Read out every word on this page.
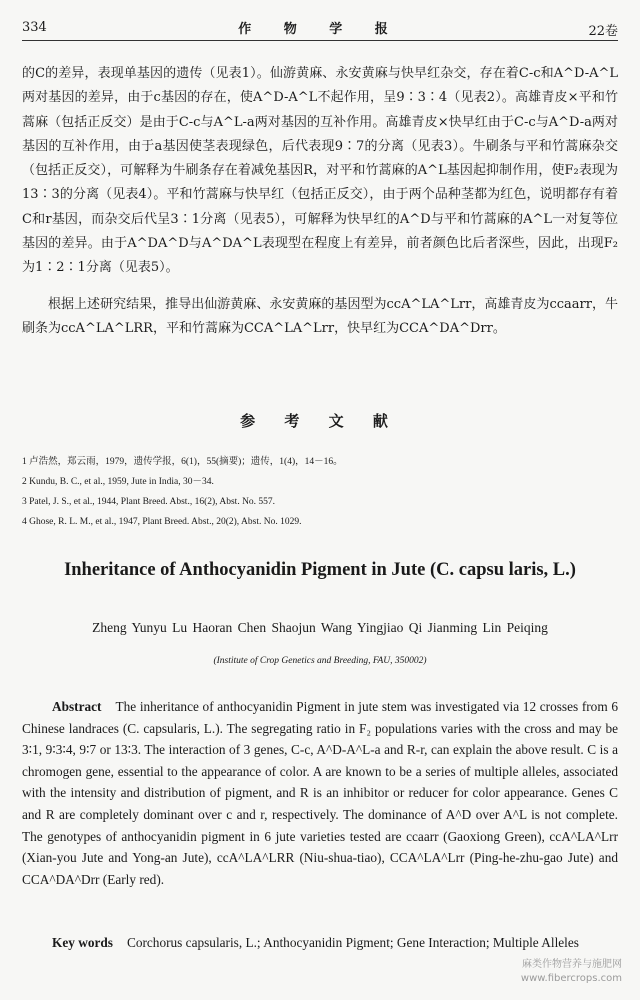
334	作 物 学 报	22卷

的C的差异，表现单基因的遗传（见表1）。仙游黄麻、永安黄麻与快早红杂交，存在着C-c和A^D-A^L两对基因的差异，由于c基因的存在，使A^D-A^L不起作用，呈9∶3∶4（见表2）。高雄青皮×平和竹蒿麻（包括正反交）是由于C-c与A^L-a两对基因的互补作用。高雄青皮×快早红由于C-c与A^D-a两对基因的互补作用，由于a基因使茎表现绿色，后代表现9∶7的分离（见表3）。牛刷条与平和竹蒿麻杂交（包括正反交），可解释为牛刷条存在着减免基因R，对平和竹蒿麻的A^L基因起抑制作用，使F₂表现为13∶3的分离（见表4）。平和竹蒿麻与快早红（包括正反交），由于两个品种茎都为红色，说明都存有着C和r基因，而杂交后代呈3∶1分离（见表5），可解释为快早红的A^D与平和竹蒿麻的A^L一对复等位基因的差异。由于A^DA^D与A^DA^L表现型在程度上有差异，前者颜色比后者深些，因此，出现F₂为1∶2∶1分离（见表5）。

根据上述研究结果，推导出仙游黄麻、永安黄麻的基因型为ccA^LA^Lrr，高雄青皮为ccaarr，牛刷条为ccA^LA^LRR，平和竹蒿麻为CCA^LA^Lrr，快早红为CCA^DA^Drr。

参 考 文 献
1 卢浩然，郑云雨，1979，遗传学报，6(1)，55(摘要)；遗传，1(4)，14－16。
2 Kundu, B. C., et al., 1959, Jute in India, 30－34.
3 Patel, J. S., et al., 1944, Plant Breed. Abst., 16(2), Abst. No. 557.
4 Ghose, R. L. M., et al., 1947, Plant Breed. Abst., 20(2), Abst. No. 1029.
Inheritance of Anthocyanidin Pigment in Jute (C. capsu laris, L.)
Zheng Yunyu Lu Haoran Chen Shaojun Wang Yingjiao Qi Jianming Lin Peiqing
(Institute of Crop Genetics and Breeding, FAU, 350002)
Abstract The inheritance of anthocyanidin Pigment in jute stem was investigated via 12 crosses from 6 Chinese landraces (C. capsularis, L.). The segregating ratio in F₂ populations varies with the cross and may be 3∶1, 9∶3∶4, 9∶7 or 13∶3. The interaction of 3 genes, C-c, A^D-A^L-a and R-r, can explain the above result. C is a chromogen gene, essential to the appearance of color. A are known to be a series of multiple alleles, associated with the intensity and distribution of pigment, and R is an inhibitor or reducer for color appearance. Genes C and R are completely dominant over c and r, respectively. The dominance of A^D over A^L is not complete. The genotypes of anthocyanidin pigment in 6 jute varieties tested are ccaarr (Gaoxiong Green), ccA^LA^Lrr (Xian-you Jute and Yong-an Jute), ccA^LA^LRR (Niu-shua-tiao), CCA^LA^Lrr (Ping-he-zhu-gao Jute) and CCA^DA^Drr (Early red).
Key words Corchorus capsularis, L.; Anthocyanidin Pigment; Gene Interaction; Multiple Alleles
麻类作物营养与施肥网
www.fibercrops.com
